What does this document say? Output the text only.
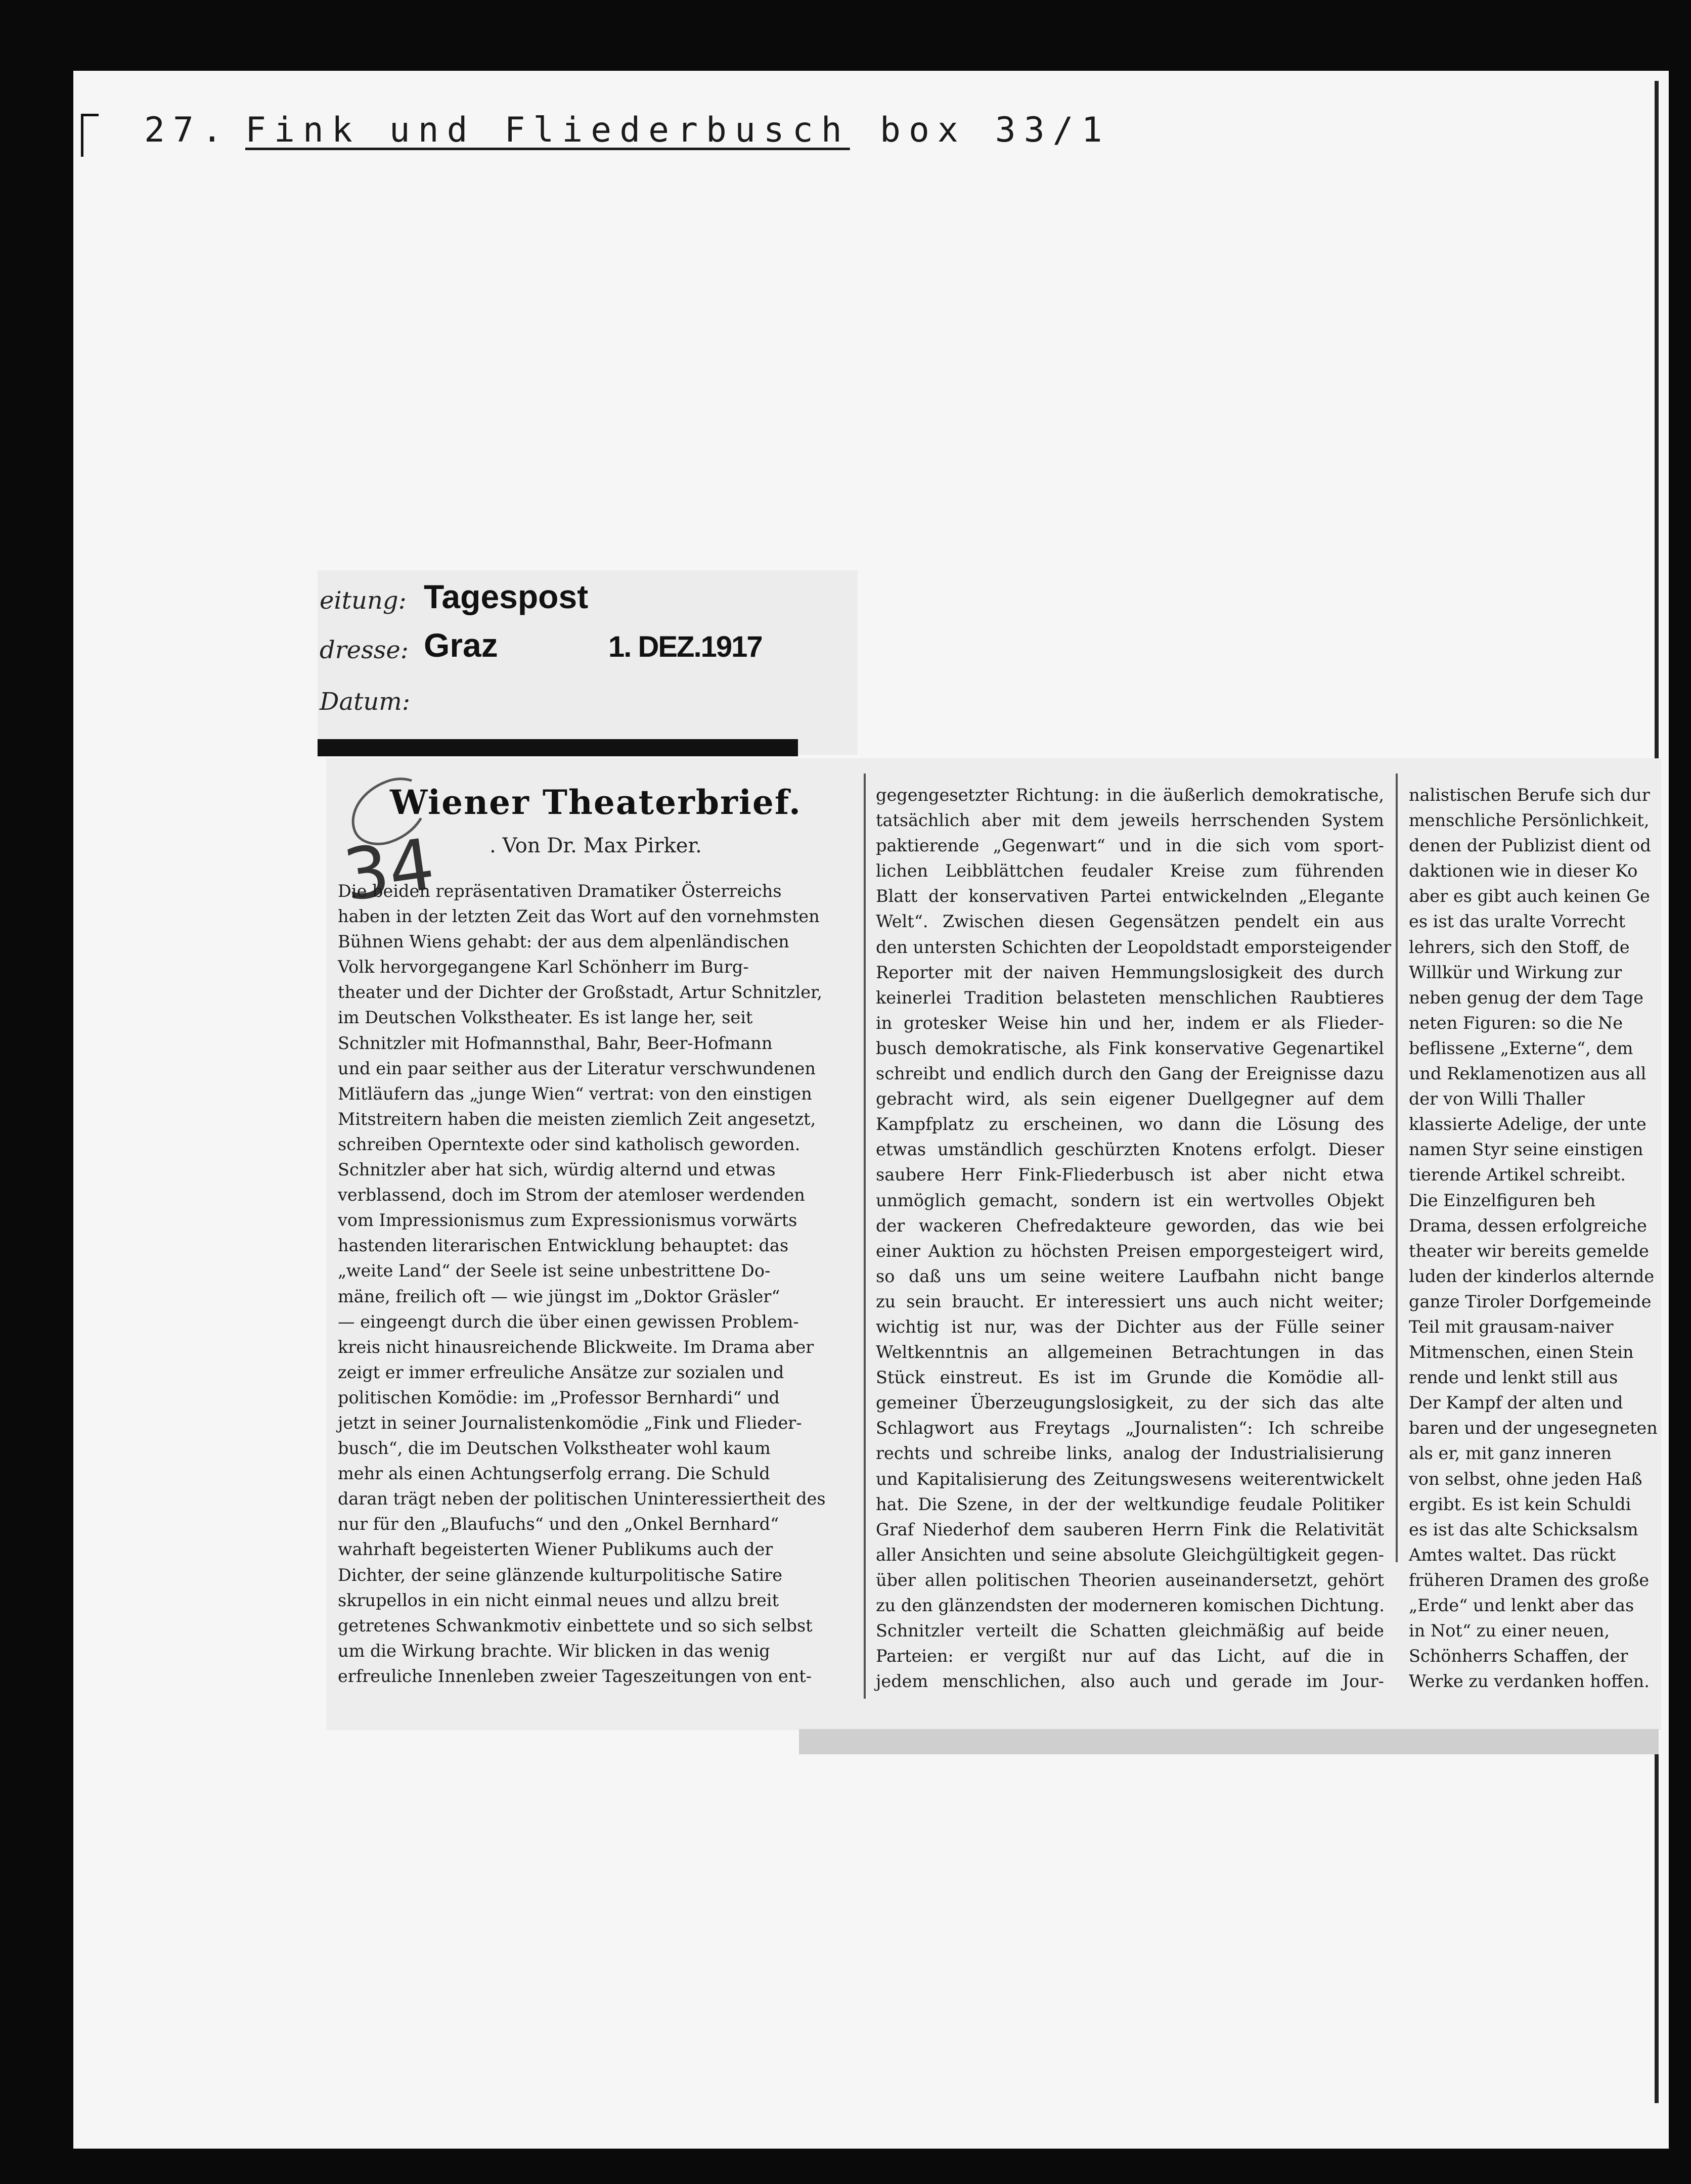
27. Fink und Fliederbusch box 33/1
eitung: Tagespost
dresse: Graz	1. DEZ.1917
Datum:
Wiener Theaterbrief.
. Von Dr. Max Pirker.
34
Die beiden repräsentativen Dramatiker Österreichs
haben in der letzten Zeit das Wort auf den vornehmsten
Bühnen Wiens gehabt: der aus dem alpenländischen
Volk hervorgegangene Karl Schönherr im Burg-
theater und der Dichter der Großstadt, Artur Schnitzler,
im Deutschen Volkstheater. Es ist lange her, seit
Schnitzler mit Hofmannsthal, Bahr, Beer-Hofmann
und ein paar seither aus der Literatur verschwundenen
Mitläufern das „junge Wien“ vertrat: von den einstigen
Mitstreitern haben die meisten ziemlich Zeit angesetzt,
schreiben Operntexte oder sind katholisch geworden.
Schnitzler aber hat sich, würdig alternd und etwas
verblassend, doch im Strom der atemloser werdenden
vom Impressionismus zum Expressionismus vorwärts
hastenden literarischen Entwicklung behauptet: das
„weite Land“ der Seele ist seine unbestrittene Do-
mäne, freilich oft — wie jüngst im „Doktor Gräsler“
— eingeengt durch die über einen gewissen Problem-
kreis nicht hinausreichende Blickweite. Im Drama aber
zeigt er immer erfreuliche Ansätze zur sozialen und
politischen Komödie: im „Professor Bernhardi“ und
jetzt in seiner Journalistenkomödie „Fink und Flieder-
busch“, die im Deutschen Volkstheater wohl kaum
mehr als einen Achtungserfolg errang. Die Schuld
daran trägt neben der politischen Uninteressiertheit des
nur für den „Blaufuchs“ und den „Onkel Bernhard“
wahrhaft begeisterten Wiener Publikums auch der
Dichter, der seine glänzende kulturpolitische Satire
skrupellos in ein nicht einmal neues und allzu breit
getretenes Schwankmotiv einbettete und so sich selbst
um die Wirkung brachte. Wir blicken in das wenig
erfreuliche Innenleben zweier Tageszeitungen von ent-
gegengesetzter Richtung: in die äußerlich demokratische,
tatsächlich aber mit dem jeweils herrschenden System
paktierende „Gegenwart“ und in die sich vom sport-
lichen Leibblättchen feudaler Kreise zum führenden
Blatt der konservativen Partei entwickelnden „Elegante
Welt“. Zwischen diesen Gegensätzen pendelt ein aus
den untersten Schichten der Leopoldstadt emporsteigender
Reporter mit der naiven Hemmungslosigkeit des durch
keinerlei Tradition belasteten menschlichen Raubtieres
in grotesker Weise hin und her, indem er als Flieder-
busch demokratische, als Fink konservative Gegenartikel
schreibt und endlich durch den Gang der Ereignisse dazu
gebracht wird, als sein eigener Duellgegner auf dem
Kampfplatz zu erscheinen, wo dann die Lösung des
etwas umständlich geschürzten Knotens erfolgt. Dieser
saubere Herr Fink-Fliederbusch ist aber nicht etwa
unmöglich gemacht, sondern ist ein wertvolles Objekt
der wackeren Chefredakteure geworden, das wie bei
einer Auktion zu höchsten Preisen emporgesteigert wird,
so daß uns um seine weitere Laufbahn nicht bange
zu sein braucht. Er interessiert uns auch nicht weiter;
wichtig ist nur, was der Dichter aus der Fülle seiner
Weltkenntnis an allgemeinen Betrachtungen in das
Stück einstreut. Es ist im Grunde die Komödie all-
gemeiner Überzeugungslosigkeit, zu der sich das alte
Schlagwort aus Freytags „Journalisten“: Ich schreibe
rechts und schreibe links, analog der Industrialisierung
und Kapitalisierung des Zeitungswesens weiterentwickelt
hat. Die Szene, in der der weltkundige feudale Politiker
Graf Niederhof dem sauberen Herrn Fink die Relativität
aller Ansichten und seine absolute Gleichgültigkeit gegen-
über allen politischen Theorien auseinandersetzt, gehört
zu den glänzendsten der moderneren komischen Dichtung.
Schnitzler verteilt die Schatten gleichmäßig auf beide
Parteien: er vergißt nur auf das Licht, auf die in
jedem menschlichen, also auch und gerade im Jour-
nalistischen Berufe sich dur
menschliche Persönlichkeit,
denen der Publizist dient od
daktionen wie in dieser Ko
aber es gibt auch keinen Ge
es ist das uralte Vorrecht
lehrers, sich den Stoff, de
Willkür und Wirkung zur
neben genug der dem Tage
neten Figuren: so die Ne
beflissene „Externe“, dem
und Reklamenotizen aus all
der von Willi Thaller
klassierte Adelige, der unte
namen Styr seine einstigen
tierende Artikel schreibt.
Die Einzelfiguren beh
Drama, dessen erfolgreiche
theater wir bereits gemelde
luden der kinderlos alternde
ganze Tiroler Dorfgemeinde
Teil mit grausam-naiver
Mitmenschen, einen Stein
rende und lenkt still aus
Der Kampf der alten und
baren und der ungesegneten
als er, mit ganz inneren
von selbst, ohne jeden Haß
ergibt. Es ist kein Schuldi
es ist das alte Schicksalsm
Amtes waltet. Das rückt
früheren Dramen des große
„Erde“ und lenkt aber das
in Not“ zu einer neuen,
Schönherrs Schaffen, der
Werke zu verdanken hoffen.
